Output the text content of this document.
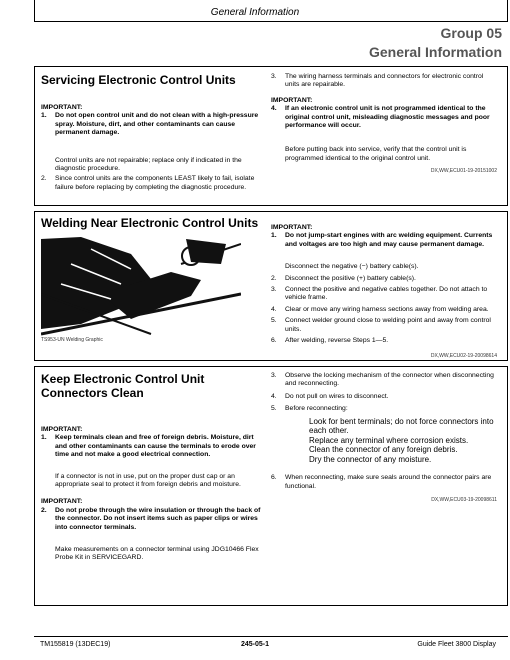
General Information
Group 05
General Information
Servicing Electronic Control Units
IMPORTANT:
1. Do not open control unit and do not clean with a high-pressure spray. Moisture, dirt, and other contaminants can cause permanent damage.
Control units are not repairable; replace only if indicated in the diagnostic procedure.
2. Since control units are the components LEAST likely to fail, isolate failure before replacing by completing the diagnostic procedure.
3. The wiring harness terminals and connectors for electronic control units are repairable.
IMPORTANT:
4. If an electronic control unit is not programmed identical to the original control unit, misleading diagnostic messages and poor performance will occur.
Before putting back into service, verify that the control unit is programmed identical to the original control unit.
DX,WW,ECU01-19-20151002
Welding Near Electronic Control Units
TS953-UN Welding Graphic
IMPORTANT:
1. Do not jump-start engines with arc welding equipment. Currents and voltages are too high and may cause permanent damage.
Disconnect the negative (−) battery cable(s).
2. Disconnect the positive (+) battery cable(s).
3. Connect the positive and negative cables together. Do not attach to vehicle frame.
4. Clear or move any wiring harness sections away from welding area.
5. Connect welder ground close to welding point and away from control units.
6. After welding, reverse Steps 1—5.
DX,WW,ECU02-19-20098614
Keep Electronic Control Unit Connectors Clean
IMPORTANT:
1. Keep terminals clean and free of foreign debris. Moisture, dirt and other contaminants can cause the terminals to erode over time and not make a good electrical connection.
If a connector is not in use, put on the proper dust cap or an appropriate seal to protect it from foreign debris and moisture.
IMPORTANT:
2. Do not probe through the wire insulation or through the back of the connector. Do not insert items such as paper clips or wires into connector terminals.
Make measurements on a connector terminal using JDG10466 Flex Probe Kit in SERVICEGARD.
3. Observe the locking mechanism of the connector when disconnecting and reconnecting.
4. Do not pull on wires to disconnect.
5. Before reconnecting:
Look for bent terminals; do not force connectors into each other.
Replace any terminal where corrosion exists.
Clean the connector of any foreign debris.
Dry the connector of any moisture.
6. When reconnecting, make sure seals around the connector pairs are functional.
DX,WW,ECU03-19-20098611
TM155819 (13DEC19)	245-05-1	Guide Fleet 3800 Display
